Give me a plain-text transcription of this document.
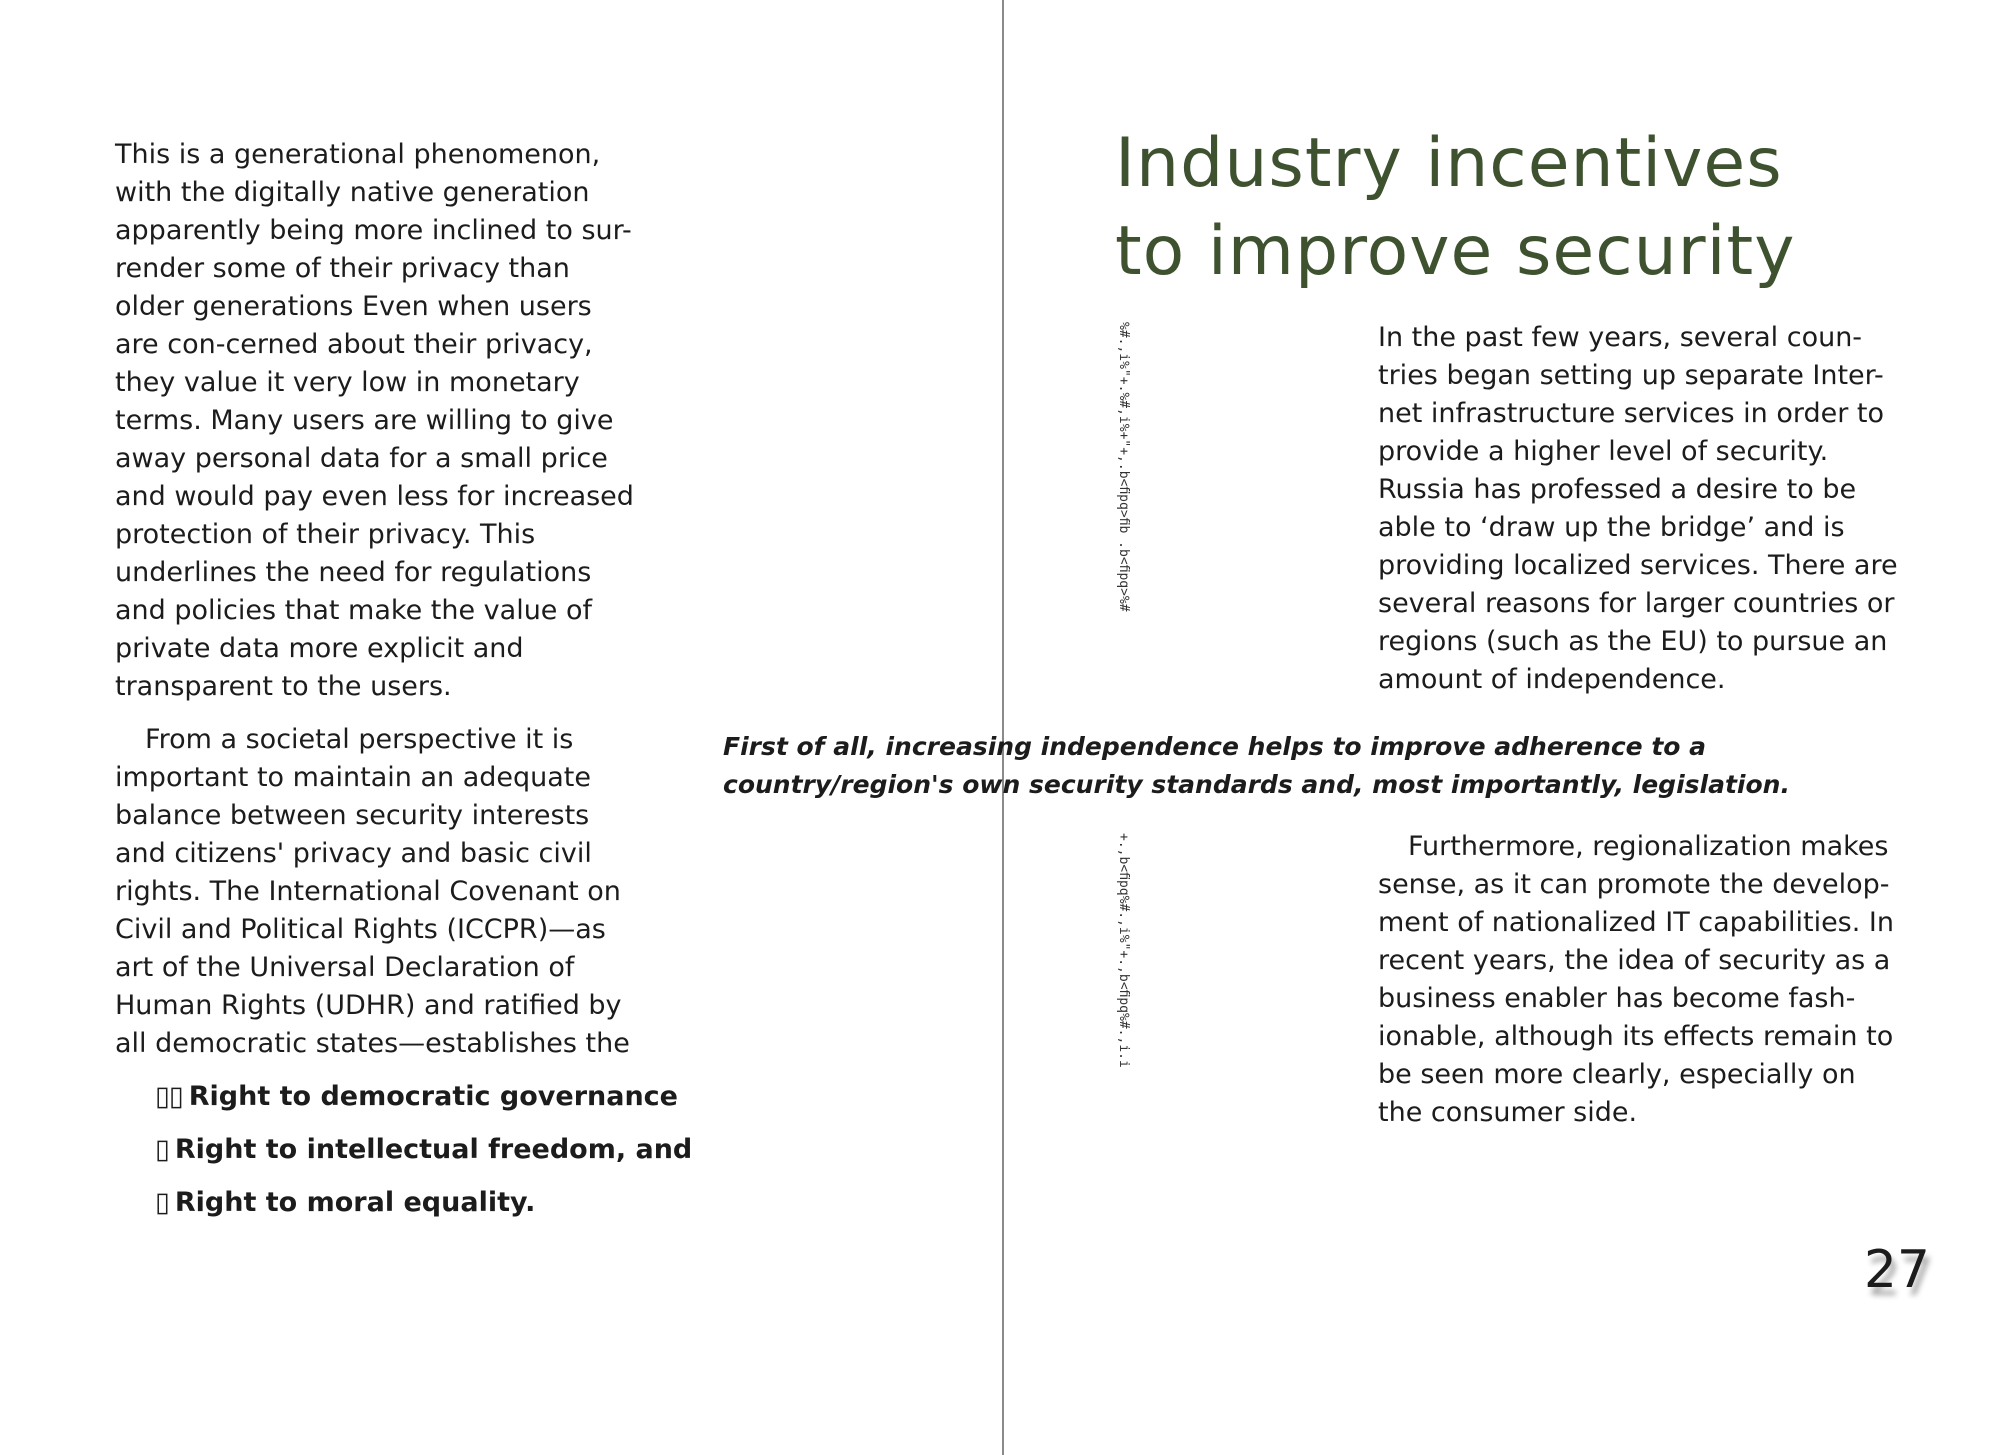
This is a generational phenomenon, with the digitally native generation apparently being more inclined to sur-render some of their privacy than older generations Even when users are con-cerned about their privacy, they value it very low in monetary terms. Many users are willing to give away personal data for a small price and would pay even less for increased protection of their privacy. This underlines the need for regulations and policies that make the value of private data more explicit and transparent to the users.

From a societal perspective it is important to maintain an adequate balance between security interests and citizens' privacy and basic civil rights. The International Covenant on Civil and Political Rights (ICCPR)—as art of the Universal Declaration of Human Rights (UDHR) and ratified by all democratic states—establishes the

▯▯ Right to democratic governance
▯ Right to intellectual freedom, and
▯ Right to moral equality.
Industry incentives to improve security
%#.,i%"+.%#,i%+"+,.b<ﬁpq>ﬁb .b<ﬁpq>%#	In the past few years, several coun-tries began setting up separate Inter-net infrastructure services in order to provide a higher level of security. Russia has professed a desire to be able to ‘draw up the bridge’ and is providing localized services. There are several reasons for larger countries or regions (such as the EU) to pursue an amount of independence.

First of all, increasing independence helps to improve adherence to a country/region's own security standards and, most importantly, legislation.

+.,b<ﬁpq%#.,i%"+.,b<ﬁpq%#.,i.i	Furthermore, regionalization makes sense, as it can promote the develop-ment of nationalized IT capabilities. In recent years, the idea of security as a business enabler has become fash-ionable, although its effects remain to be seen more clearly, especially on the consumer side.

27
